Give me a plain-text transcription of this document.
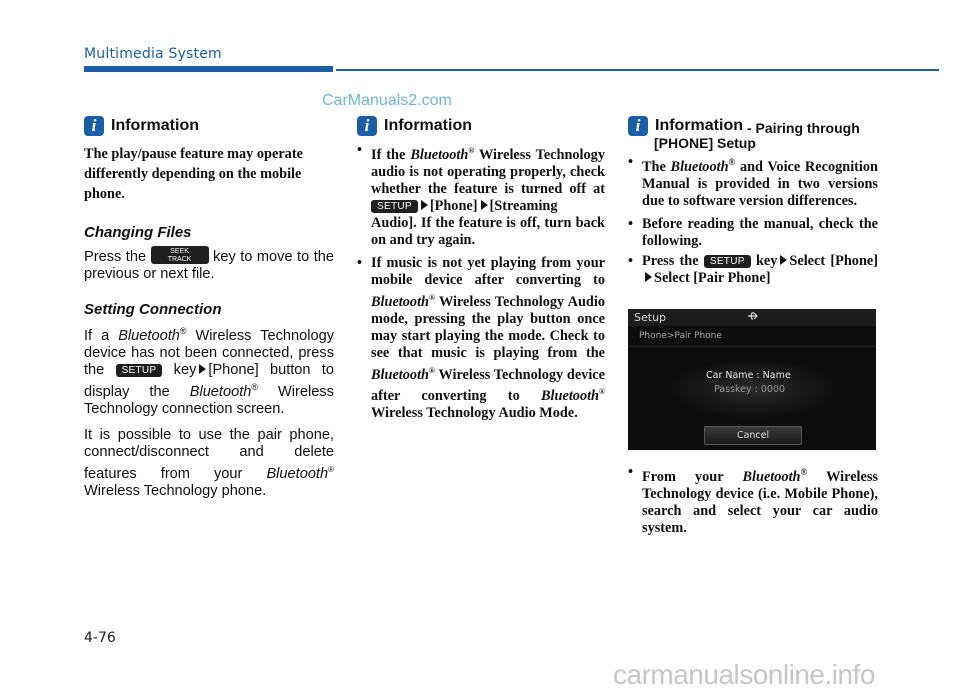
Multimedia System
CarManuals2.com
i Information
The play/pause feature may operate differently depending on the mobile phone.
Changing Files
Press the	SEEK
TRACK	key to move to the previous or next file.
Setting Connection
If a Bluetooth® Wireless Technology device has not been connected, press the SETUP key [Phone] button to display the Bluetooth® Wireless Technology connection screen.
It is possible to use the pair phone, connect/disconnect and delete features from your Bluetooth® Wireless Technology phone.
i Information
• If the Bluetooth® Wireless Technology audio is not operating properly, check whether the feature is turned off at SETUP [Phone] [Streaming Audio]. If the feature is off, turn back on and try again.
• If music is not yet playing from your mobile device after converting to Bluetooth® Wireless Technology Audio mode, pressing the play button once may start playing the mode. Check to see that music is playing from the Bluetooth® Wireless Technology device after converting to Bluetooth® Wireless Technology Audio Mode.
i Information - Pairing through
[PHONE] Setup
• The Bluetooth® and Voice Recognition Manual is provided in two versions due to software version differences.
• Before reading the manual, check the following.
• Press the SETUP key Select [Phone]Select [Pair Phone]
Setup
Phone>Pair Phone
Car Name : Name
Passkey : 0000
Cancel
• From your Bluetooth® Wireless Technology device (i.e. Mobile Phone), search and select your car audio system.
4-76
carmanualsonline.info
